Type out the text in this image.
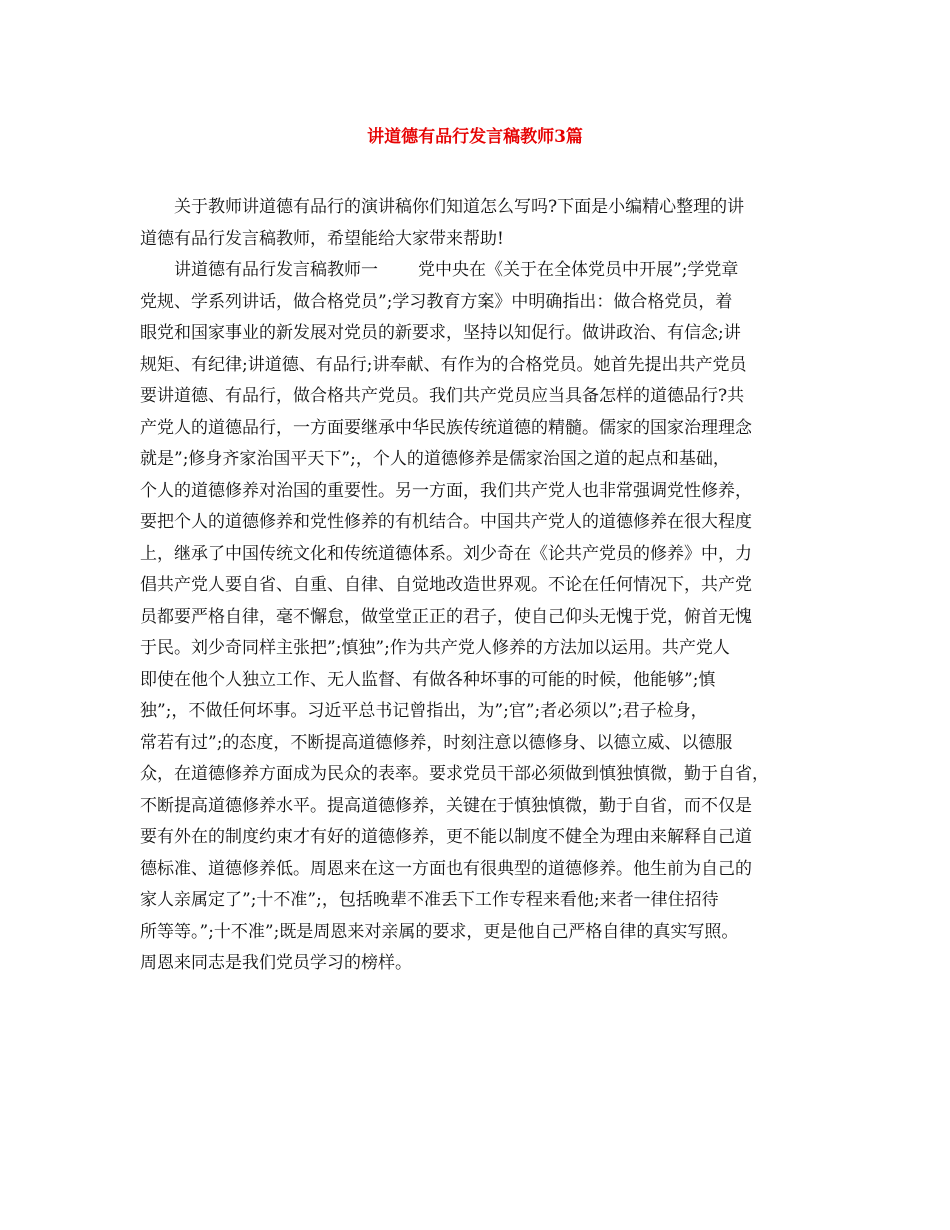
讲道德有品行发言稿教师3篇

关于教师讲道德有品行的演讲稿你们知道怎么写吗?下面是小编精心整理的讲

道德有品行发言稿教师，希望能给大家带来帮助!

讲道德有品行发言稿教师一 党中央在《关于在全体党员中开展”;学党章

党规、学系列讲话，做合格党员”;学习教育方案》中明确指出：做合格党员，着

眼党和国家事业的新发展对党员的新要求，坚持以知促行。做讲政治、有信念;讲

规矩、有纪律;讲道德、有品行;讲奉献、有作为的合格党员。她首先提出共产党员

要讲道德、有品行，做合格共产党员。我们共产党员应当具备怎样的道德品行?共

产党人的道德品行，一方面要继承中华民族传统道德的精髓。儒家的国家治理理念

就是”;修身齐家治国平天下”;，个人的道德修养是儒家治国之道的起点和基础，

个人的道德修养对治国的重要性。另一方面，我们共产党人也非常强调党性修养，

要把个人的道德修养和党性修养的有机结合。中国共产党人的道德修养在很大程度

上，继承了中国传统文化和传统道德体系。刘少奇在《论共产党员的修养》中，力

倡共产党人要自省、自重、自律、自觉地改造世界观。不论在任何情况下，共产党

员都要严格自律，毫不懈怠，做堂堂正正的君子，使自己仰头无愧于党，俯首无愧

于民。刘少奇同样主张把”;慎独”;作为共产党人修养的方法加以运用。共产党人

即使在他个人独立工作、无人监督、有做各种坏事的可能的时候，他能够”;慎

独”;，不做任何坏事。习近平总书记曾指出，为”;官”;者必须以”;君子检身，

常若有过”;的态度，不断提高道德修养，时刻注意以德修身、以德立威、以德服

众，在道德修养方面成为民众的表率。要求党员干部必须做到慎独慎微，勤于自省，

不断提高道德修养水平。提高道德修养，关键在于慎独慎微，勤于自省，而不仅是

要有外在的制度约束才有好的道德修养，更不能以制度不健全为理由来解释自己道

德标准、道德修养低。周恩来在这一方面也有很典型的道德修养。他生前为自己的

家人亲属定了”;十不准”;，包括晚辈不准丢下工作专程来看他;来者一律住招待

所等等。”;十不准”;既是周恩来对亲属的要求，更是他自己严格自律的真实写照。

周恩来同志是我们党员学习的榜样。
